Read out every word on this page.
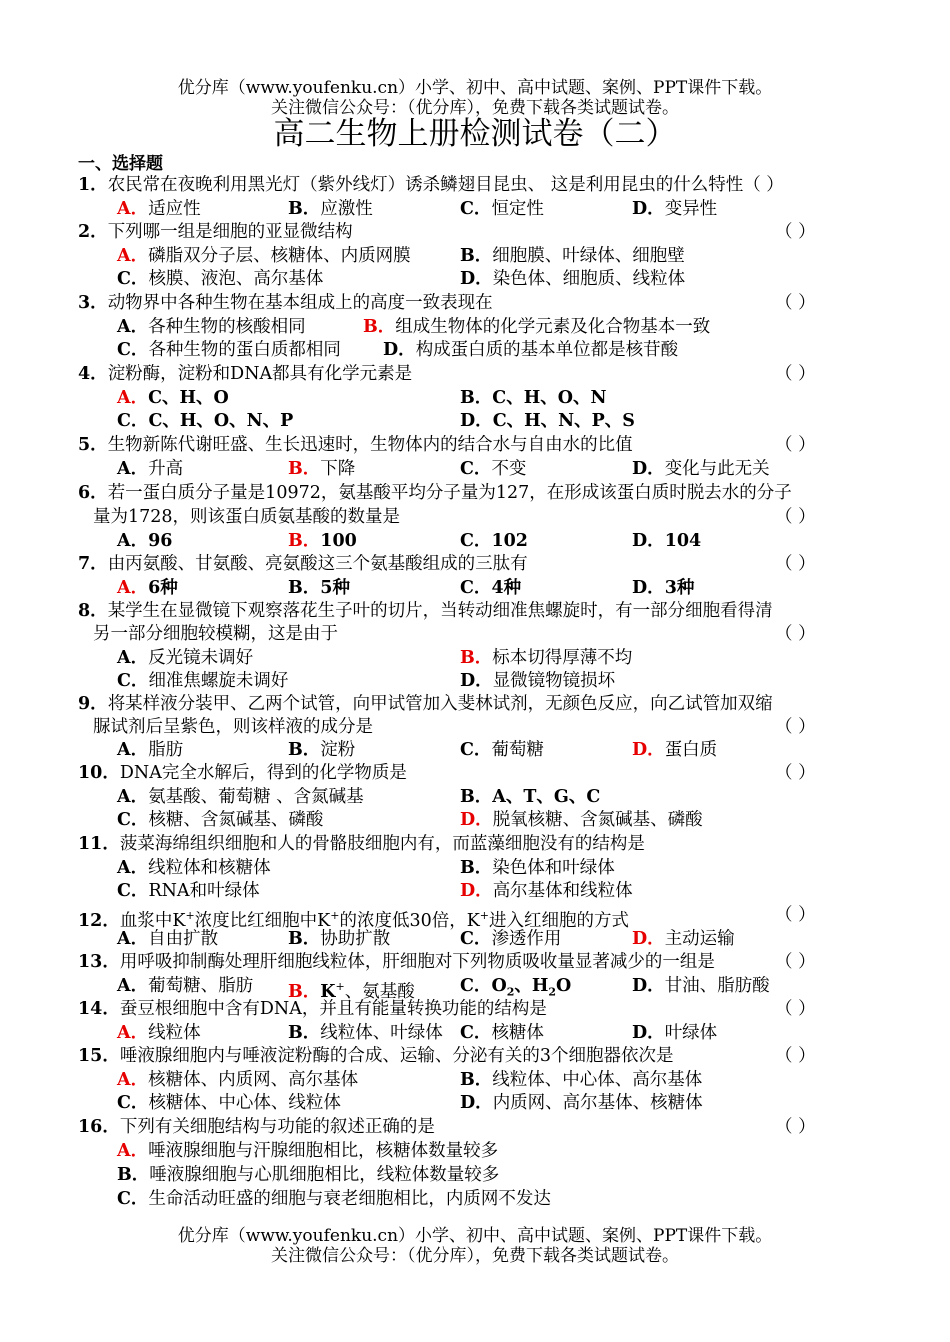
优分库（www.youfenku.cn）小学、初中、高中试题、案例、PPT课件下载。
关注微信公众号：（优分库），免费下载各类试题试卷。
高二生物上册检测试卷（二）
一、选择题
1．农民常在夜晚利用黑光灯（紫外线灯）诱杀鳞翅目昆虫、 这是利用昆虫的什么特性（ ）
A．适应性	B．应激性	C．恒定性	D．变异性
2．下列哪一组是细胞的亚显微结构	（ ）
A．磷脂双分子层、核糖体、内质网膜	B．细胞膜、叶绿体、细胞壁
C．核膜、液泡、高尔基体	D．染色体、细胞质、线粒体
3．动物界中各种生物在基本组成上的高度一致表现在	（ ）
A．各种生物的核酸相同	B．组成生物体的化学元素及化合物基本一致
C．各种生物的蛋白质都相同 D．构成蛋白质的基本单位都是核苷酸
4．淀粉酶，淀粉和DNA都具有化学元素是	（ ）
A．C、H、O	B．C、H、O、N
C．C、H、O、N、P	D．C、H、N、P、S
5．生物新陈代谢旺盛、生长迅速时，生物体内的结合水与自由水的比值	（ ）
A．升高	B．下降	C．不变	D．变化与此无关
6．若一蛋白质分子量是10972，氨基酸平均分子量为127，在形成该蛋白质时脱去水的分子
量为1728，则该蛋白质氨基酸的数量是	（ ）
A．96	B．100	C．102	D．104
7．由丙氨酸、甘氨酸、亮氨酸这三个氨基酸组成的三肽有	（ ）
A．6种	B．5种	C．4种	D．3种
8．某学生在显微镜下观察落花生子叶的切片，当转动细准焦螺旋时，有一部分细胞看得清
另一部分细胞较模糊，这是由于	（ ）
A．反光镜未调好	B．标本切得厚薄不均
C．细准焦螺旋未调好	D．显微镜物镜损坏
9．将某样液分装甲、乙两个试管，向甲试管加入斐林试剂，无颜色反应，向乙试管加双缩
脲试剂后呈紫色，则该样液的成分是	（ ）
A．脂肪	B．淀粉	C．葡萄糖	D．蛋白质
10．DNA完全水解后，得到的化学物质是	（ ）
A．氨基酸、葡萄糖 、含氮碱基	B．A、T、G、C
C．核糖、含氮碱基、磷酸	D．脱氧核糖、含氮碱基、磷酸
11．菠菜海绵组织细胞和人的骨骼肢细胞内有，而蓝藻细胞没有的结构是
A．线粒体和核糖体	B．染色体和叶绿体
C．RNA和叶绿体	D．高尔基体和线粒体
12．血浆中K+浓度比红细胞中K+的浓度低30倍，K+进入红细胞的方式	（ ）
A．自由扩散	B．协助扩散	C．渗透作用	D．主动运输
13．用呼吸抑制酶处理肝细胞线粒体，肝细胞对下列物质吸收量显著减少的一组是	（ ）
A．葡萄糖、脂肪 B．K+、氨基酸	C．$O_2$、$H_2O$	D．甘油、脂肪酸
14．蚕豆根细胞中含有DNA，并且有能量转换功能的结构是	（ ）
A．线粒体	B．线粒体、叶绿体 C．核糖体	D．叶绿体
15．唾液腺细胞内与唾液淀粉酶的合成、运输、分泌有关的3个细胞器依次是	（ ）
A．核糖体、内质网、高尔基体	B．线粒体、中心体、高尔基体
C．核糖体、中心体、线粒体	D．内质网、高尔基体、核糖体
16．下列有关细胞结构与功能的叙述正确的是	（ ）
A．唾液腺细胞与汗腺细胞相比，核糖体数量较多
B．唾液腺细胞与心肌细胞相比，线粒体数量较多
C．生命活动旺盛的细胞与衰老细胞相比，内质网不发达
优分库（www.youfenku.cn）小学、初中、高中试题、案例、PPT课件下载。
关注微信公众号：（优分库），免费下载各类试题试卷。
